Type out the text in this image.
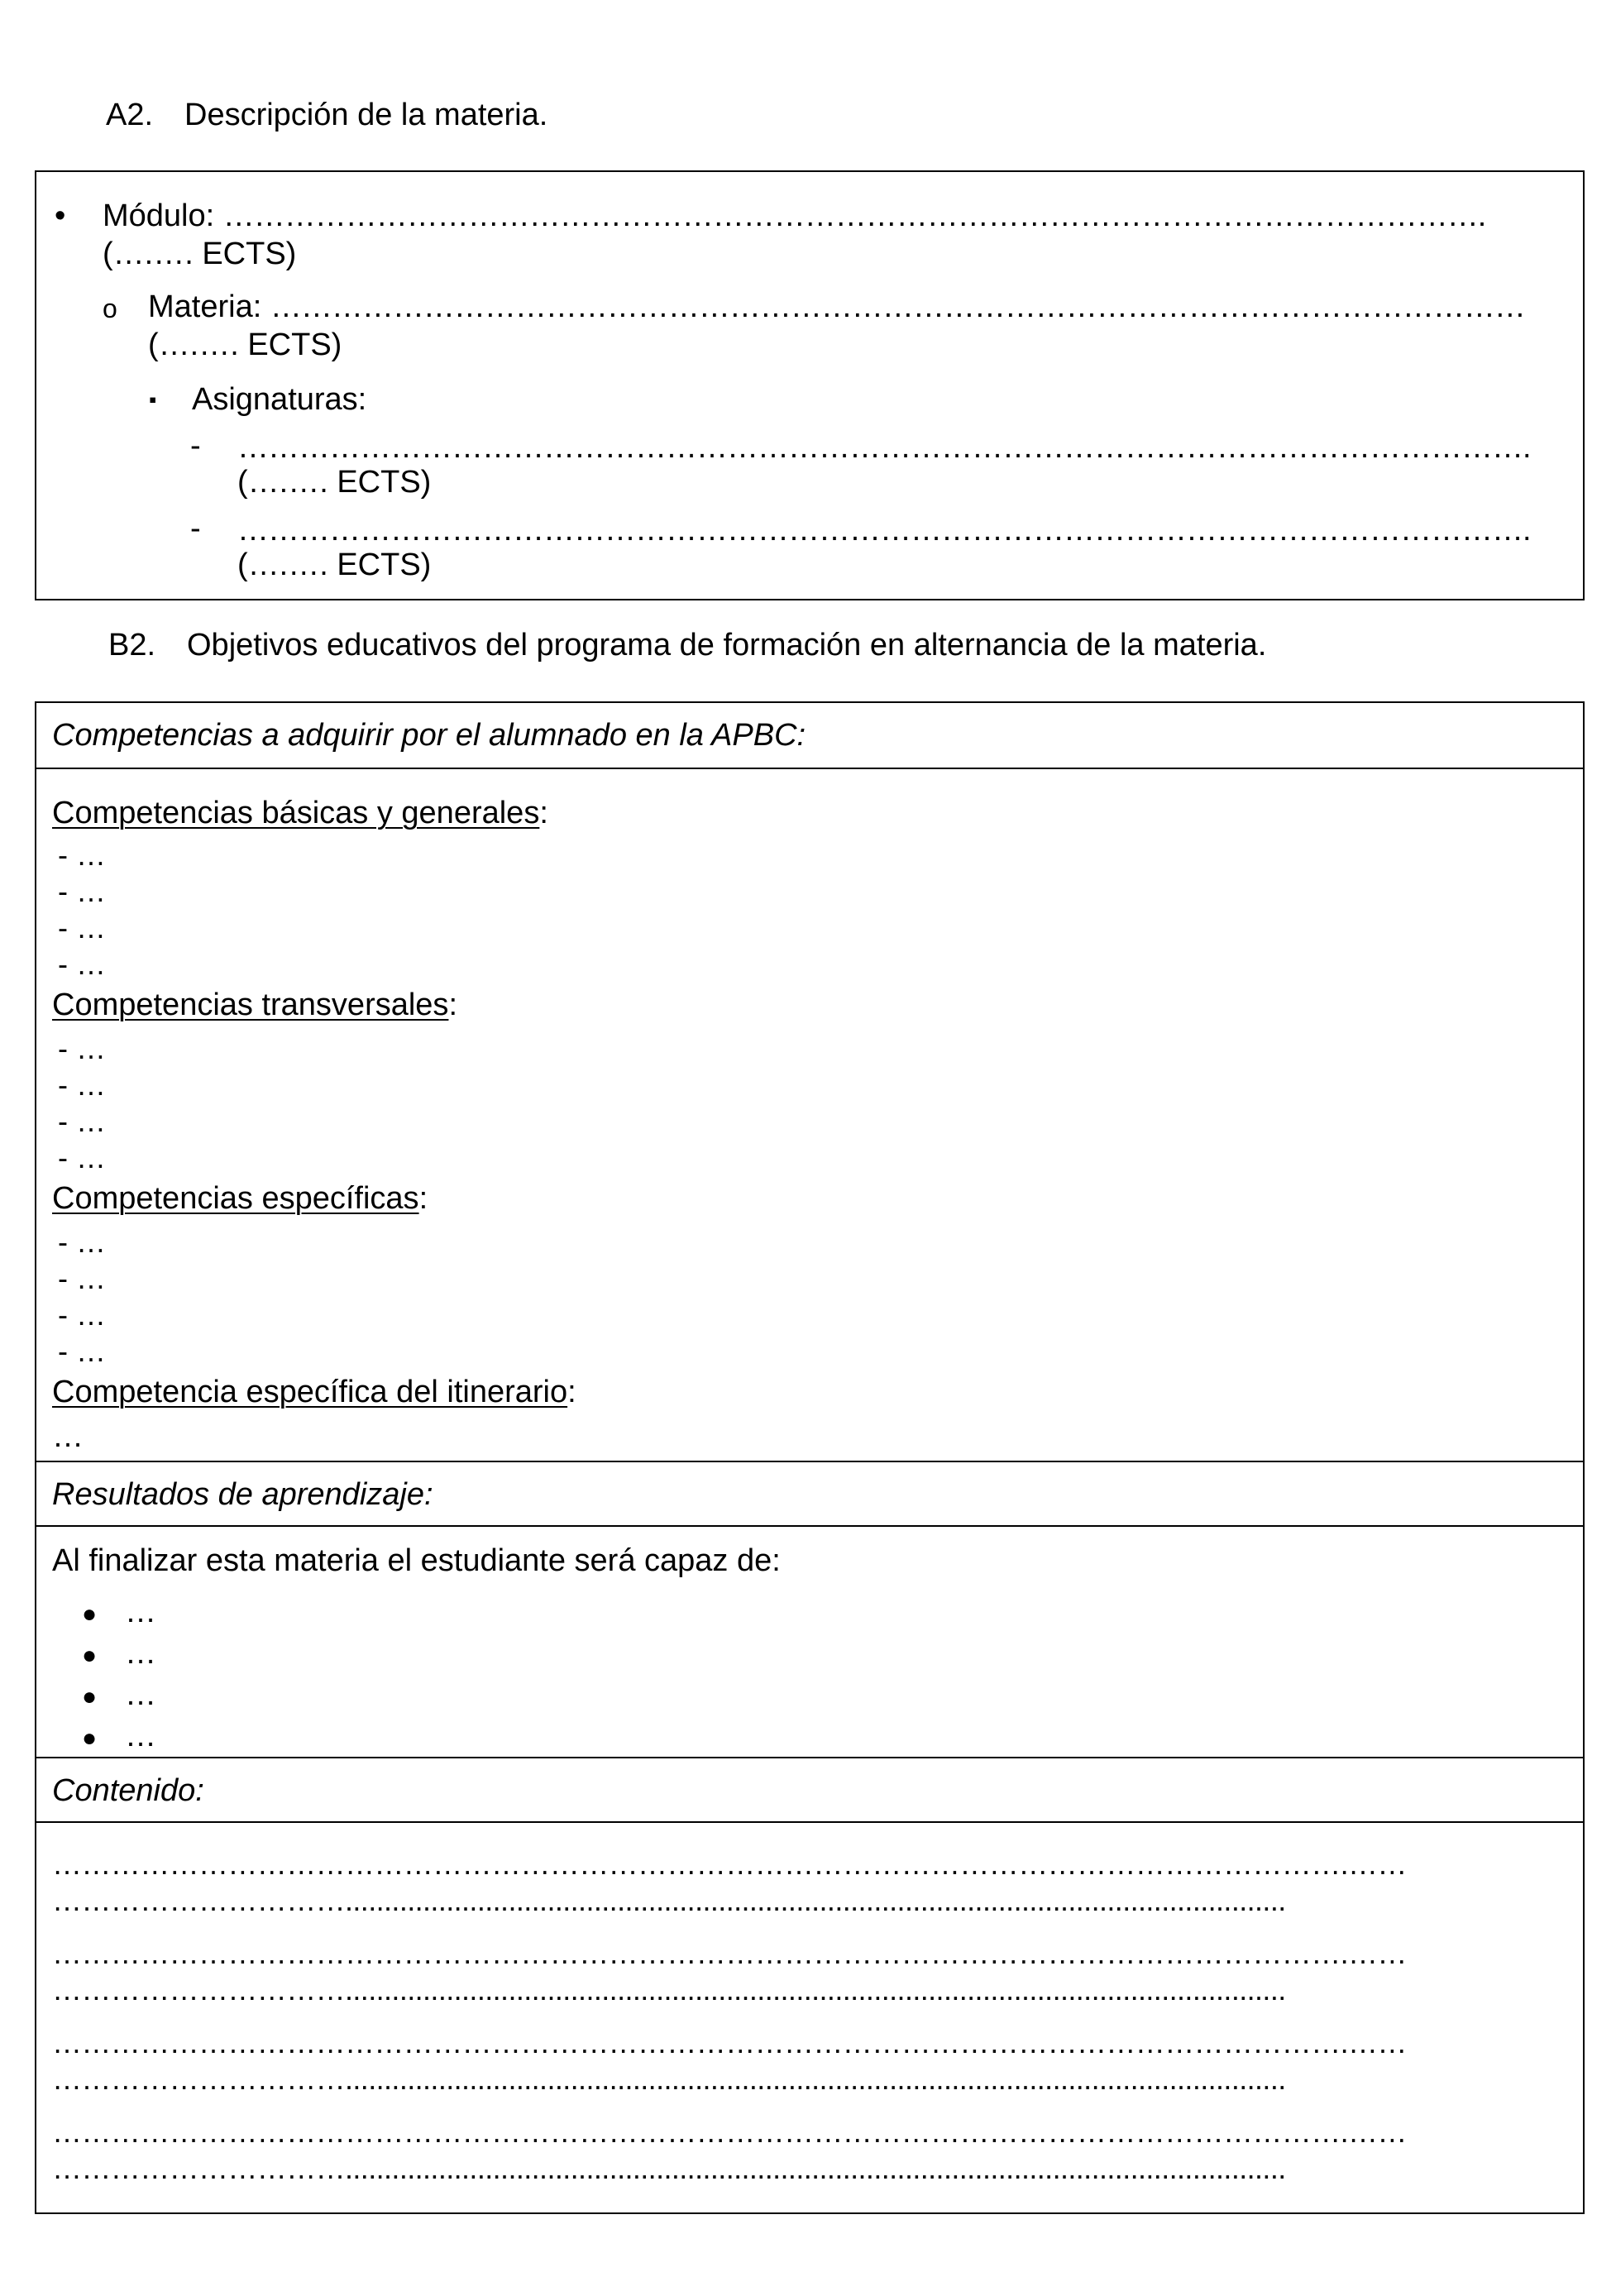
A2. Descripción de la materia.
• Módulo: …………………………………………………………………………………………………………….
(….…. ECTS)
o Materia: ……………………………………………………………………………………………………………
(….…. ECTS)
▪ Asignaturas:
- ……………………………………………………………………………………………………………….
(….…. ECTS)
- ……………………………………………………………………………………………………………….
(….…. ECTS)
B2. Objetivos educativos del programa de formación en alternancia de la materia.
Competencias a adquirir por el alumnado en la APBC:
Competencias básicas y generales:
- …
- …
- …
- …
Competencias transversales:
- …
- …
- …
- …
Competencias específicas:
- …
- …
- …
- …
Competencia específica del itinerario:
…
Resultados de aprendizaje:
Al finalizar esta materia el estudiante será capaz de:
● …
● …
● …
● …
Contenido:
…………………………………………………………………………………………………………………….……
………………………….........................................................................................................................
…………………………………………………………………………………………………………………….……
………………………….........................................................................................................................
…………………………………………………………………………………………………………………….……
………………………….........................................................................................................................
…………………………………………………………………………………………………………………….……
………………………….........................................................................................................................
